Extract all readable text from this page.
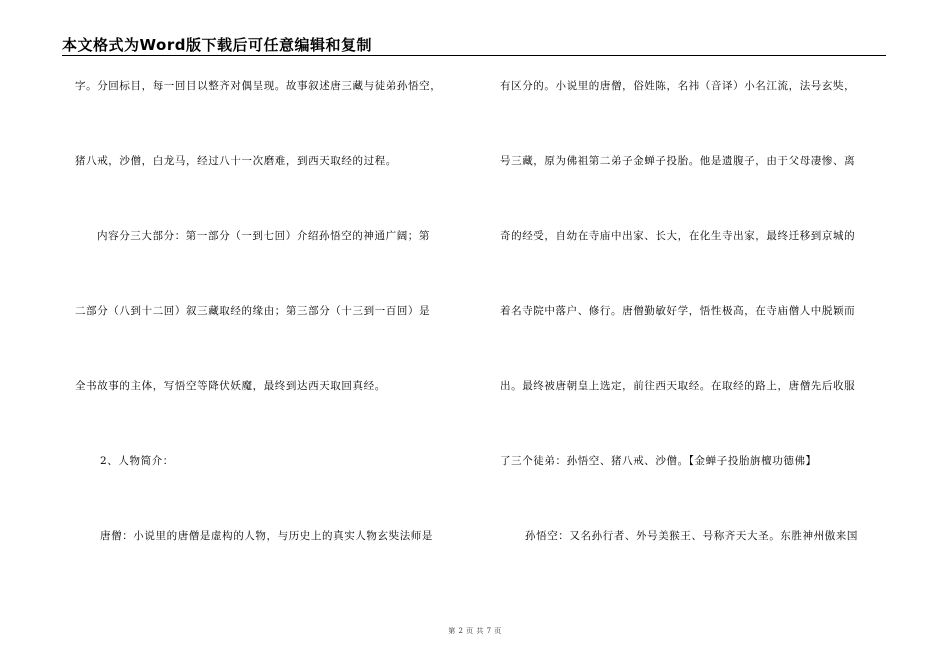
本文格式为Word版下载后可任意编辑和复制
字。分回标目，每一回目以整齐对偶呈现。故事叙述唐三藏与徒弟孙悟空，
猪八戒，沙僧，白龙马，经过八十一次磨难，到西天取经的过程。
内容分三大部分：第一部分（一到七回）介绍孙悟空的神通广阔；第
二部分（八到十二回）叙三藏取经的缘由；第三部分（十三到一百回）是
全书故事的主体，写悟空等降伏妖魔，最终到达西天取回真经。
2、人物简介：
唐僧：小说里的唐僧是虚构的人物，与历史上的真实人物玄奘法师是
有区分的。小说里的唐僧，俗姓陈，名祎（音译）小名江流，法号玄奘，
号三藏，原为佛祖第二弟子金蝉子投胎。他是遗腹子，由于父母凄惨、离
奇的经受，自幼在寺庙中出家、长大，在化生寺出家，最终迁移到京城的
着名寺院中落户、修行。唐僧勤敏好学，悟性极高，在寺庙僧人中脱颖而
出。最终被唐朝皇上选定，前往西天取经。在取经的路上，唐僧先后收服
了三个徒弟：孙悟空、猪八戒、沙僧。【金蝉子投胎旃檀功德佛】
孙悟空：又名孙行者、外号美猴王、号称齐天大圣。东胜神州傲来国
第 2 页 共 7 页
